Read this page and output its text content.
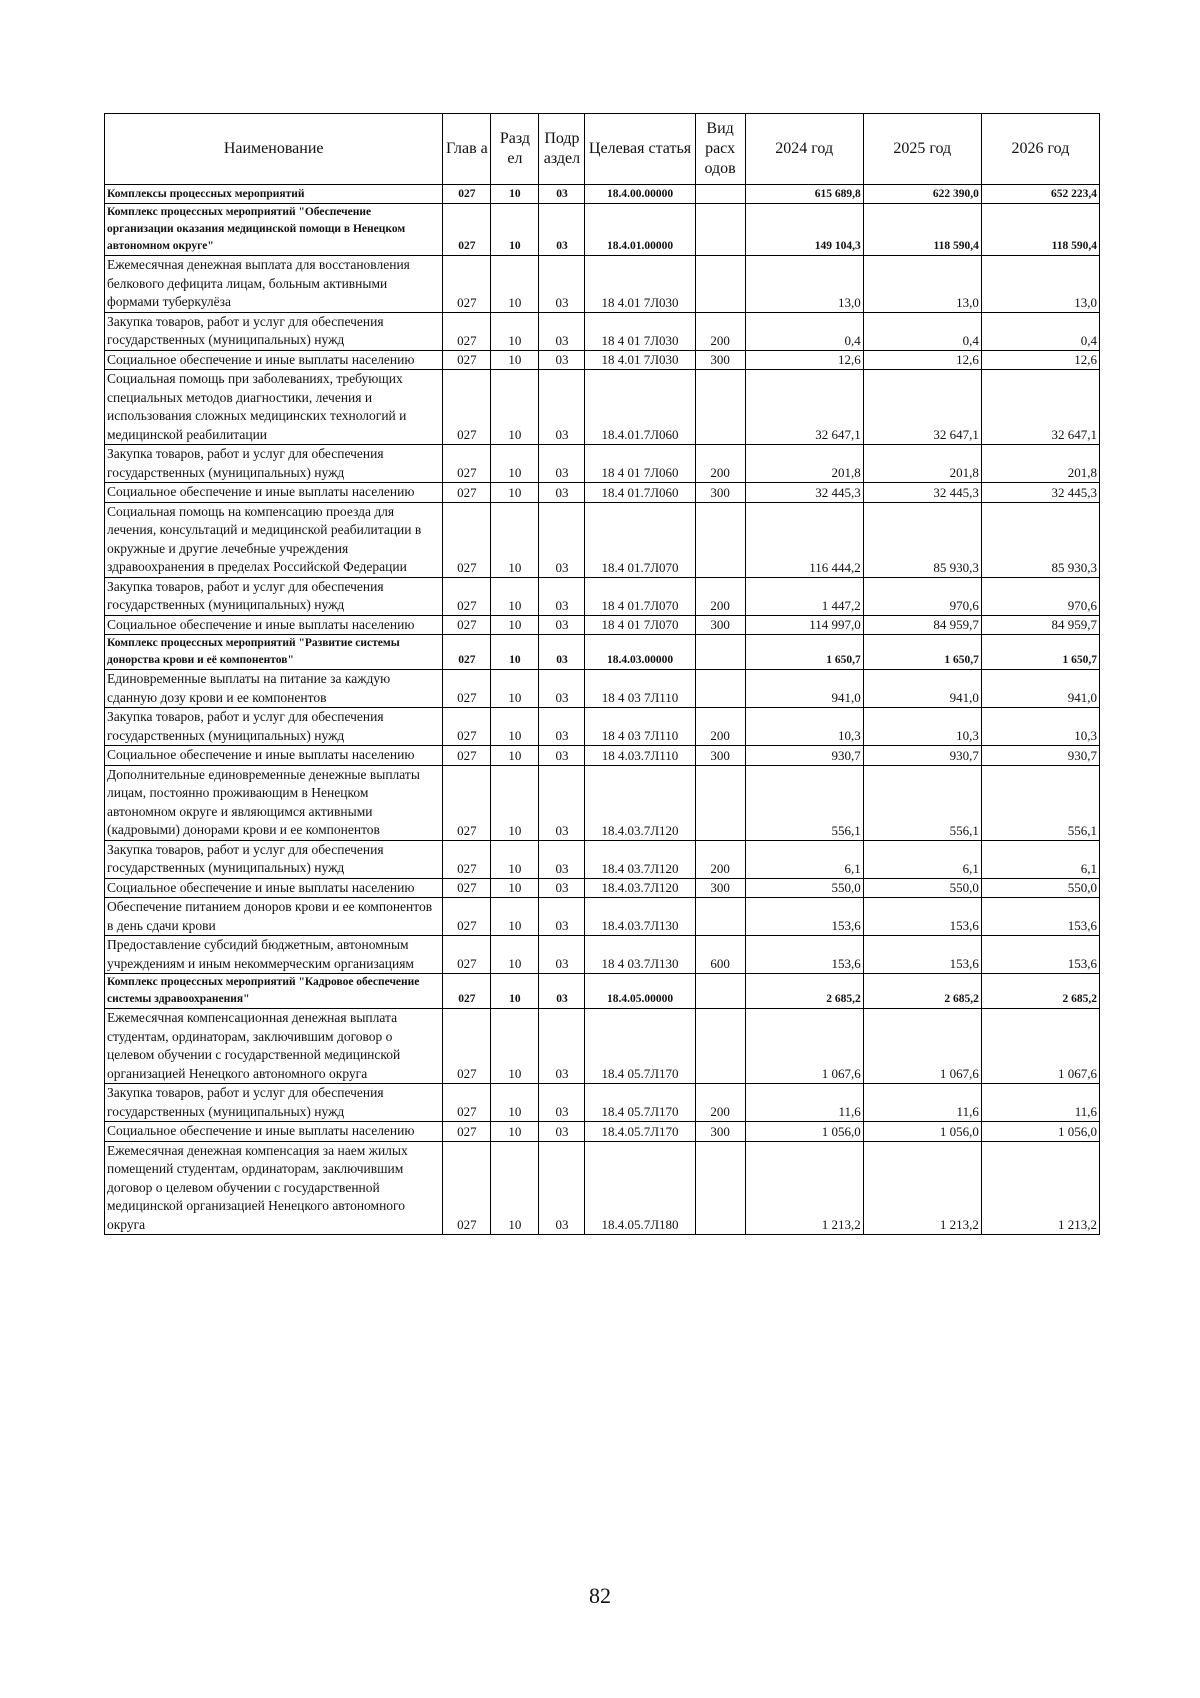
Наименование	Глав а	Разд ел	Подр аздел	Целевая статья	Вид расх одов	2024 год	2025 год	2026 год
Комплексы процессных мероприятий	027	10	03	18.4.00.00000		615 689,8	622 390,0	652 223,4
Комплекс процессных мероприятий "Обеспечение организации оказания медицинской помощи в Ненецком автономном округе"	027	10	03	18.4.01.00000		149 104,3	118 590,4	118 590,4
Ежемесячная денежная выплата для восстановления белкового дефицита лицам, больным активными формами туберкулёза	027	10	03	18 4.01 7Л030		13,0	13,0	13,0
Закупка товаров, работ и услуг для обеспечения государственных (муниципальных) нужд	027	10	03	18 4 01 7Л030	200	0,4	0,4	0,4
Социальное обеспечение и иные выплаты населению	027	10	03	18 4.01 7Л030	300	12,6	12,6	12,6
Социальная помощь при заболеваниях, требующих специальных методов диагностики, лечения и использования сложных медицинских технологий и медицинской реабилитации	027	10	03	18.4.01.7Л060		32 647,1	32 647,1	32 647,1
Закупка товаров, работ и услуг для обеспечения государственных (муниципальных) нужд	027	10	03	18 4 01 7Л060	200	201,8	201,8	201,8
Социальное обеспечение и иные выплаты населению	027	10	03	18.4 01.7Л060	300	32 445,3	32 445,3	32 445,3
Социальная помощь на компенсацию проезда для лечения, консультаций и медицинской реабилитации в окружные и другие лечебные учреждения здравоохранения в пределах Российской Федерации	027	10	03	18.4 01.7Л070		116 444,2	85 930,3	85 930,3
Закупка товаров, работ и услуг для обеспечения государственных (муниципальных) нужд	027	10	03	18 4 01.7Л070	200	1 447,2	970,6	970,6
Социальное обеспечение и иные выплаты населению	027	10	03	18 4 01 7Л070	300	114 997,0	84 959,7	84 959,7
Комплекс процессных мероприятий "Развитие системы донорства крови и её компонентов"	027	10	03	18.4.03.00000		1 650,7	1 650,7	1 650,7
Единовременные выплаты на питание за каждую сданную дозу крови и ее компонентов	027	10	03	18 4 03 7Л110		941,0	941,0	941,0
Закупка товаров, работ и услуг для обеспечения государственных (муниципальных) нужд	027	10	03	18 4 03 7Л110	200	10,3	10,3	10,3
Социальное обеспечение и иные выплаты населению	027	10	03	18 4.03.7Л110	300	930,7	930,7	930,7
Дополнительные единовременные денежные выплаты лицам, постоянно проживающим в Ненецком автономном округе и являющимся активными (кадровыми) донорами крови и ее компонентов	027	10	03	18.4.03.7Л120		556,1	556,1	556,1
Закупка товаров, работ и услуг для обеспечения государственных (муниципальных) нужд	027	10	03	18.4 03.7Л120	200	6,1	6,1	6,1
Социальное обеспечение и иные выплаты населению	027	10	03	18.4.03.7Л120	300	550,0	550,0	550,0
Обеспечение питанием доноров крови и ее компонентов в день сдачи крови	027	10	03	18.4.03.7Л130		153,6	153,6	153,6
Предоставление субсидий бюджетным, автономным учреждениям и иным некоммерческим организациям	027	10	03	18 4 03.7Л130	600	153,6	153,6	153,6
Комплекс процессных мероприятий "Кадровое обеспечение системы здравоохранения"	027	10	03	18.4.05.00000		2 685,2	2 685,2	2 685,2
Ежемесячная компенсационная денежная выплата студентам, ординаторам, заключившим договор о целевом обучении с государственной медицинской организацией Ненецкого автономного округа	027	10	03	18.4 05.7Л170		1 067,6	1 067,6	1 067,6
Закупка товаров, работ и услуг для обеспечения государственных (муниципальных) нужд	027	10	03	18.4 05.7Л170	200	11,6	11,6	11,6
Социальное обеспечение и иные выплаты населению	027	10	03	18.4.05.7Л170	300	1 056,0	1 056,0	1 056,0
Ежемесячная денежная компенсация за наем жилых помещений студентам, ординаторам, заключившим договор о целевом обучении с государственной медицинской организацией Ненецкого автономного округа	027	10	03	18.4.05.7Л180		1 213,2	1 213,2	1 213,2
82
